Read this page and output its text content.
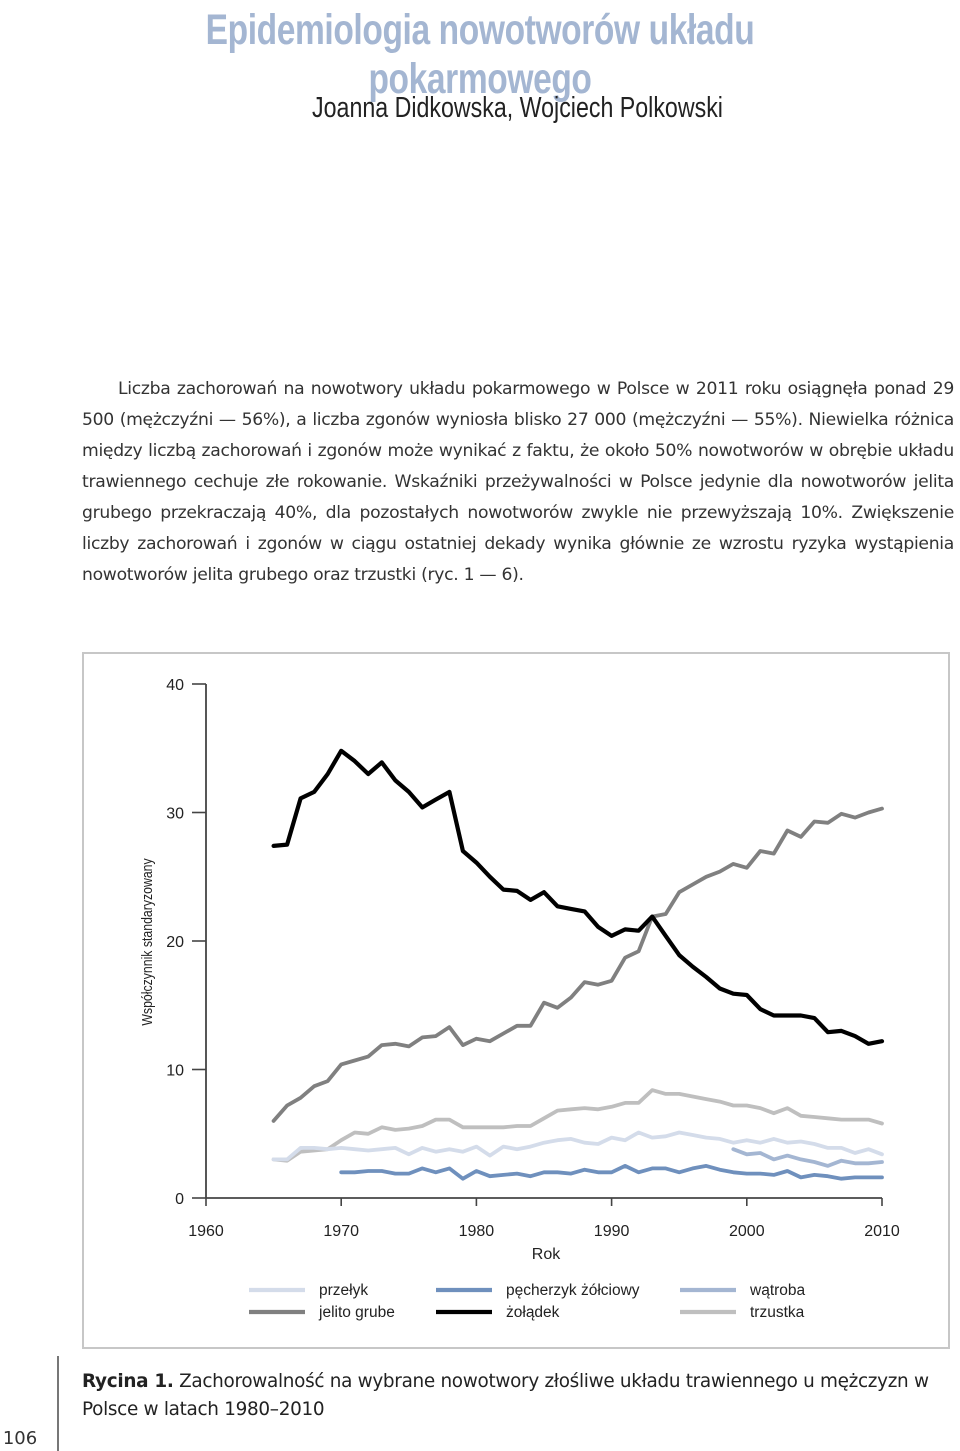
Epidemiologia nowotworów układu pokarmowego
Joanna Didkowska, Wojciech Polkowski
Liczba zachorowań na nowotwory układu pokarmowego w Polsce w 2011 roku osiągnęła ponad 29 500 (mężczyźni — 56%), a liczba zgonów wyniosła blisko 27 000 (mężczyźni — 55%). Niewielka różnica między liczbą zachorowań i zgonów może wynikać z faktu, że około 50% nowotworów w obrębie układu trawiennego cechuje złe rokowanie. Wskaźniki przeżywalności w Polsce jedynie dla nowotworów jelita grubego przekraczają 40%, dla pozostałych nowotworów zwykle nie przewyższają 10%. Zwiększenie liczby zachorowań i zgonów w ciągu ostatniej dekady wynika głównie ze wzrostu ryzyka wystąpienia nowotworów jelita grubego oraz trzustki (ryc. 1 — 6).
Współczynnik standaryzowany
Rok
0
10
20
30
40
1960	1970	1980	1990	2000	2010
przełyk	pęcherzyk żółciowy	wątroba
jelito grube	żołądek	trzustka
Rycina 1. Zachorowalność na wybrane nowotwory złośliwe układu trawiennego u mężczyzn w Polsce w latach 1980–2010
106
